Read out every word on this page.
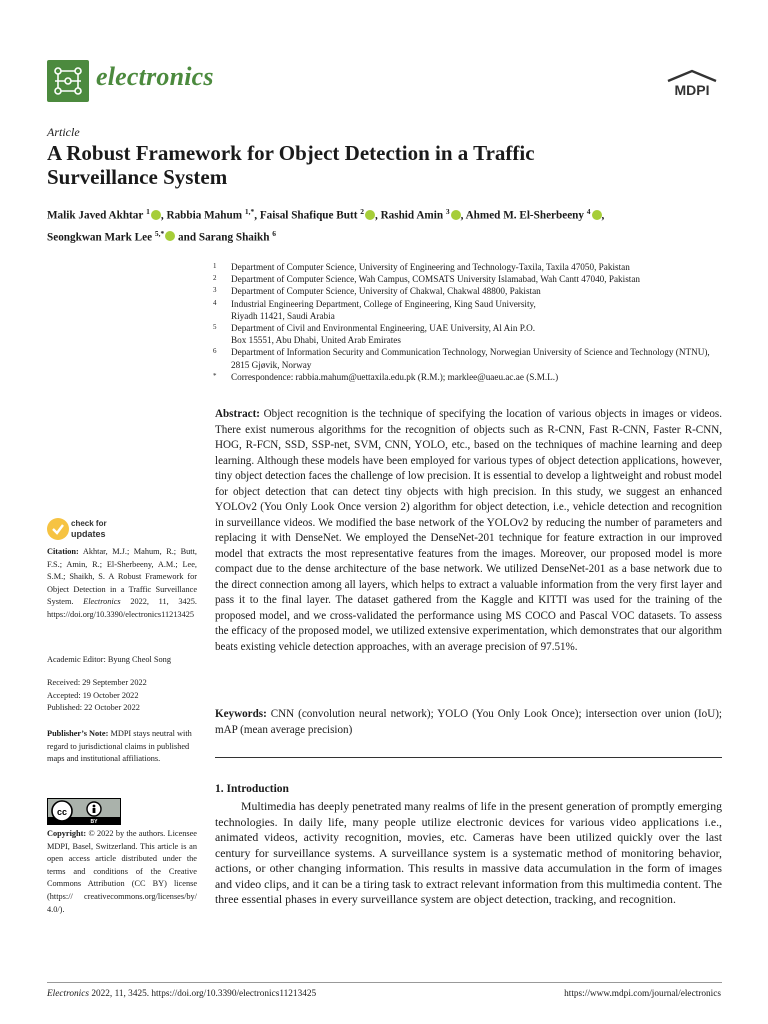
electronics	MDPI
Article
A Robust Framework for Object Detection in a Traffic
Surveillance System
Malik Javed Akhtar $^1$ , Rabbia Mahum $^{1,*}$, Faisal Shafique Butt $^2$ , Rashid Amin $^3$ , Ahmed M. El-Sherbeeny $^4$ ,
Seongkwan Mark Lee $^{5,*}$ and Sarang Shaikh $^6$
1	Department of Computer Science, University of Engineering and Technology-Taxila, Taxila 47050, Pakistan
2	Department of Computer Science, Wah Campus, COMSATS University Islamabad, Wah Cantt 47040, Pakistan
3	Department of Computer Science, University of Chakwal, Chakwal 48800, Pakistan
4	Industrial Engineering Department, College of Engineering, King Saud University, Riyadh 11421, Saudi Arabia
5	Department of Civil and Environmental Engineering, UAE University, Al Ain P.O. Box 15551, Abu Dhabi, United Arab Emirates
6	Department of Information Security and Communication Technology, Norwegian University of Science and Technology (NTNU), 2815 Gjøvik, Norway
*	Correspondence: rabbia.mahum@uettaxila.edu.pk (R.M.); marklee@uaeu.ac.ae (S.M.L.)
Abstract: Object recognition is the technique of specifying the location of various objects in images or videos. There exist numerous algorithms for the recognition of objects such as R-CNN, Fast R-CNN, Faster R-CNN, HOG, R-FCN, SSD, SSP-net, SVM, CNN, YOLO, etc., based on the techniques of machine learning and deep learning. Although these models have been employed for various types of object detection applications, however, tiny object detection faces the challenge of low precision. It is essential to develop a lightweight and robust model for object detection that can detect tiny objects with high precision. In this study, we suggest an enhanced YOLOv2 (You Only Look Once version 2) algorithm for object detection, i.e., vehicle detection and recognition in surveillance videos. We modified the base network of the YOLOv2 by reducing the number of parameters and replacing it with DenseNet. We employed the DenseNet-201 technique for feature extraction in our improved model that extracts the most representative features from the images. Moreover, our proposed model is more compact due to the dense architecture of the base network. We utilized DenseNet-201 as a base network due to the direct connection among all layers, which helps to extract a valuable information from the very first layer and pass it to the final layer. The dataset gathered from the Kaggle and KITTI was used for the training of the proposed model, and we cross-validated the performance using MS COCO and Pascal VOC datasets. To assess the efficacy of the proposed model, we utilized extensive experimentation, which demonstrates that our algorithm beats existing vehicle detection approaches, with an average precision of 97.51%.
Keywords: CNN (convolution neural network); YOLO (You Only Look Once); intersection over union (IoU); mAP (mean average precision)
1. Introduction
Multimedia has deeply penetrated many realms of life in the present generation of promptly emerging technologies. In daily life, many people utilize electronic devices for various video applications i.e., animated videos, activity recognition, movies, etc. Cameras have been utilized quickly over the last century for surveillance systems. A surveillance system is a systematic method of monitoring behavior, actions, or other changing information. This results in massive data accumulation in the form of images and video clips, and it can be a tiring task to extract relevant information from this multimedia content. The three essential phases in every surveillance system are object detection, tracking, and recognition.
check for
updates
Citation: Akhtar, M.J.; Mahum, R.; Butt, F.S.; Amin, R.; El-Sherbeeny, A.M.; Lee, S.M.; Shaikh, S. A Robust Framework for Object Detection in a Traffic Surveillance System. Electronics 2022, 11, 3425. https://doi.org/10.3390/electronics11213425
Academic Editor: Byung Cheol Song
Received: 29 September 2022
Accepted: 19 October 2022
Published: 22 October 2022
Publisher’s Note: MDPI stays neutral with regard to jurisdictional claims in published maps and institutional affiliations.
cc
BY
Copyright: © 2022 by the authors. Licensee MDPI, Basel, Switzerland. This article is an open access article distributed under the terms and conditions of the Creative Commons Attribution (CC BY) license (https:// creativecommons.org/licenses/by/ 4.0/).
Electronics 2022, 11, 3425. https://doi.org/10.3390/electronics11213425	https://www.mdpi.com/journal/electronics
